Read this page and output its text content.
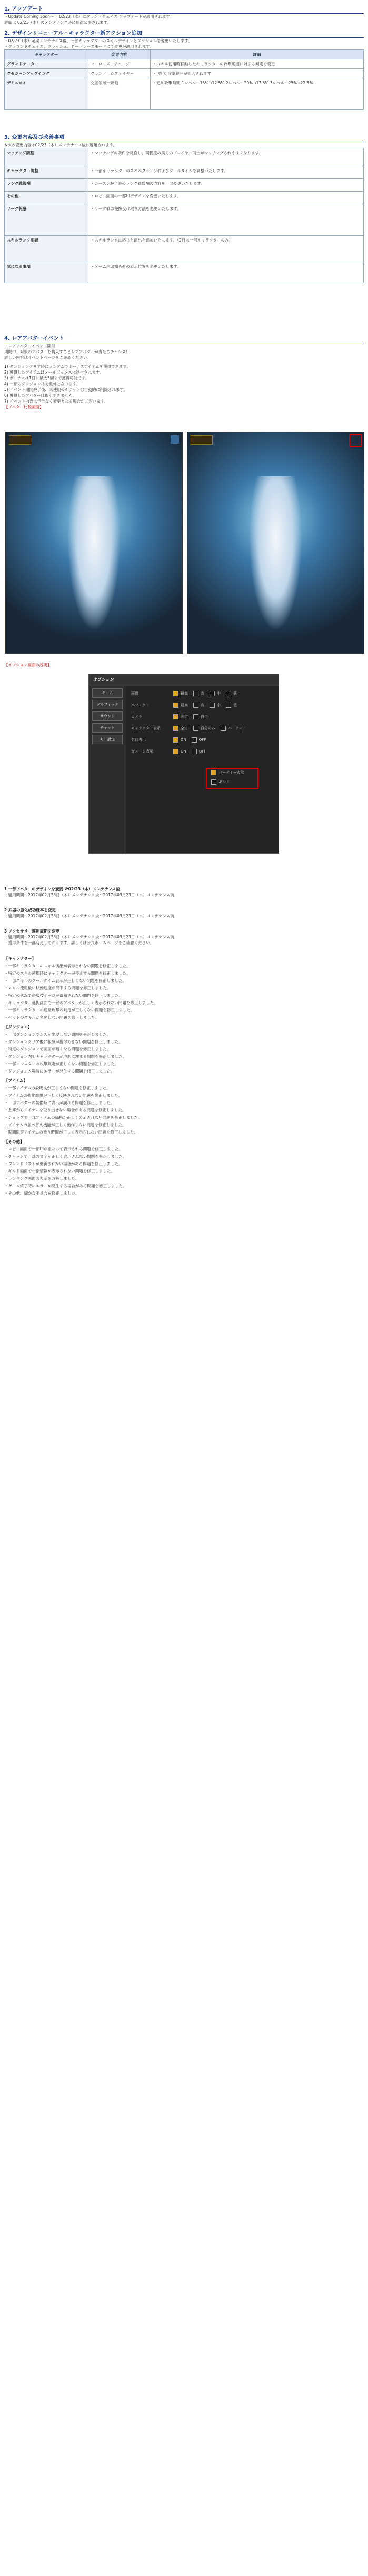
1. アップデート
・Update Coming Soon〜！ 02/23（木）にグランドチェイス アップデートが適用されます！
詳細は 02/23（木）のメンテナンス時に順次公開されます。
2. デザインリニューアル・キャラクター新アクション追加
・02/23（木）定期メンテナンス後、一部キャラクターのスキルデザインとアクションを変更いたします。
・グラウンドチェイス、クラッシュ、ロードレースモードにて変更が適用されます。
キャラクター	変更内容	詳細
グランドチーター	ヒーローズ・チャージ	・スキル使用時移動したキャラクターの攻撃範囲に対する判定を変更
クセジャンアップイング	グランド一斉ファイヤー	・[強化]攻撃範囲が拡大されます
デミニオイ	交差領域一斉砲	・追加攻撃時間 1レベル：15%→12.5% 2レベル：20%→17.5% 3レベル：25%→22.5%
3. 変更内容及び改善事項
※次の変更内容は02/23（木）メンテナンス後に適用されます。
マッチング調整	・マッチングの条件を見直し、同程度の実力のプレイヤー同士がマッチングされやすくなります。
キャラクター調整	・一部キャラクターのスキルダメージおよびクールタイムを調整いたします。
ランク戦報酬	・シーズン終了時のランク戦報酬の内容を一部変更いたします。
その他	・ロビー画面の一部UIデザインを変更いたします。
リーグ報酬	・リーグ戦の報酬受け取り方法を変更いたします。
スキルランク別課	・スキルランクに応じた演出を追加いたします。（2月は一部キャラクターのみ）
気になる事項	・ゲーム内お知らせの表示位置を変更いたします。
4. レアアバターイベント
・レアアバターイベント開催！
期間中、対象のアバターを購入するとレアアバターが当たるチャンス！
詳しい内容はイベントページをご確認ください。
1) ダンジョンクリア時にランダムでボーナスアイテムを獲得できます。
2) 獲得したアイテムはメールボックスに送付されます。
3) ボーナスは1日に最大5回まで獲得可能です。
4) 一部のダンジョンは対象外となります。
5) イベント期間終了後、未使用のチケットは自動的に削除されます。
6) 獲得したアバターは取引できません。
7) イベント内容は予告なく変更となる場合がございます。
【アバター比較画面】
【オプション画面の説明】
オプション
ゲーム
グラフィック
サウンド
チャット
キー設定
画質	最高	高	中	低
エフェクト	最高	高	中	低
カメラ	固定	自由
キャラクター表示	全て	自分のみ	パーティー
名前表示	ON	OFF
ダメージ表示	ON	OFF
パーティー表示
ギルド
1 一部アバターのデザインを変更 ※02/23（木）メンテナンス後
・適用期間：2017年02月23日（木）メンテナンス後〜2017年03月23日（木）メンテナンス前
2 武器の強化成功確率を変更
・適用期間：2017年02月23日（木）メンテナンス後〜2017年03月23日（木）メンテナンス前
3 アクセサリー運用周期を変更
・適用期間：2017年02月23日（木）メンテナンス後〜2017年03月23日（木）メンテナンス前
・獲得条件を一部変更しております。詳しくは公式ホームページをご確認ください。
【キャラクター】
・一部キャラクターのスキル演出が表示されない問題を修正しました。
・特定のスキル使用時にキャラクターが停止する問題を修正しました。
・一部スキルのクールタイム表示が正しくない問題を修正しました。
・スキル使用後に移動速度が低下する問題を修正しました。
・特定の状況で必殺技ゲージが蓄積されない問題を修正しました。
・キャラクター選択画面で一部のアバターが正しく表示されない問題を修正しました。
・一部キャラクターの通常攻撃の判定が正しくない問題を修正しました。
・ペットのスキルが発動しない問題を修正しました。
【ダンジョン】
・一部ダンジョンでボスが出現しない問題を修正しました。
・ダンジョンクリア後に報酬が獲得できない問題を修正しました。
・特定のダンジョンで画面が暗くなる問題を修正しました。
・ダンジョン内でキャラクターが地形に埋まる問題を修正しました。
・一部モンスターの攻撃判定が正しくない問題を修正しました。
・ダンジョン入場時にエラーが発生する問題を修正しました。
【アイテム】
・一部アイテムの説明文が正しくない問題を修正しました。
・アイテムの強化結果が正しく反映されない問題を修正しました。
・一部アバターの装備時に表示が崩れる問題を修正しました。
・倉庫からアイテムを取り出せない場合がある問題を修正しました。
・ショップで一部アイテムの価格が正しく表示されない問題を修正しました。
・アイテムの並べ替え機能が正しく動作しない問題を修正しました。
・期間限定アイテムの残り時間が正しく表示されない問題を修正しました。
【その他】
・ロビー画面で一部UIが重なって表示される問題を修正しました。
・チャットで一部の文字が正しく表示されない問題を修正しました。
・フレンドリストが更新されない場合がある問題を修正しました。
・ギルド画面で一部情報が表示されない問題を修正しました。
・ランキング画面の表示を改善しました。
・ゲーム終了時にエラーが発生する場合がある問題を修正しました。
・その他、細かな不具合を修正しました。
